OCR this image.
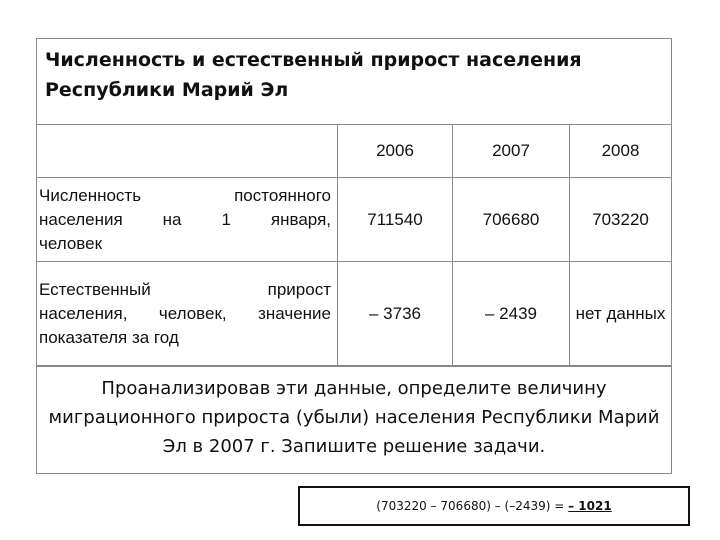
Численность и естественный прирост населения Республики Марий Эл
	2006	2007	2008

Численность постоянного
населения на 1 января,
человек	711540	706680	703220

Естественный прирост
населения, человек, значение
показателя за год	– 3736	– 2439	нет данных
Проанализировав эти данные, определите величину миграционного прироста (убыли) населения Республики Марий Эл в 2007 г. Запишите решение задачи.
(703220 – 706680) – (–2439) = – 1021
